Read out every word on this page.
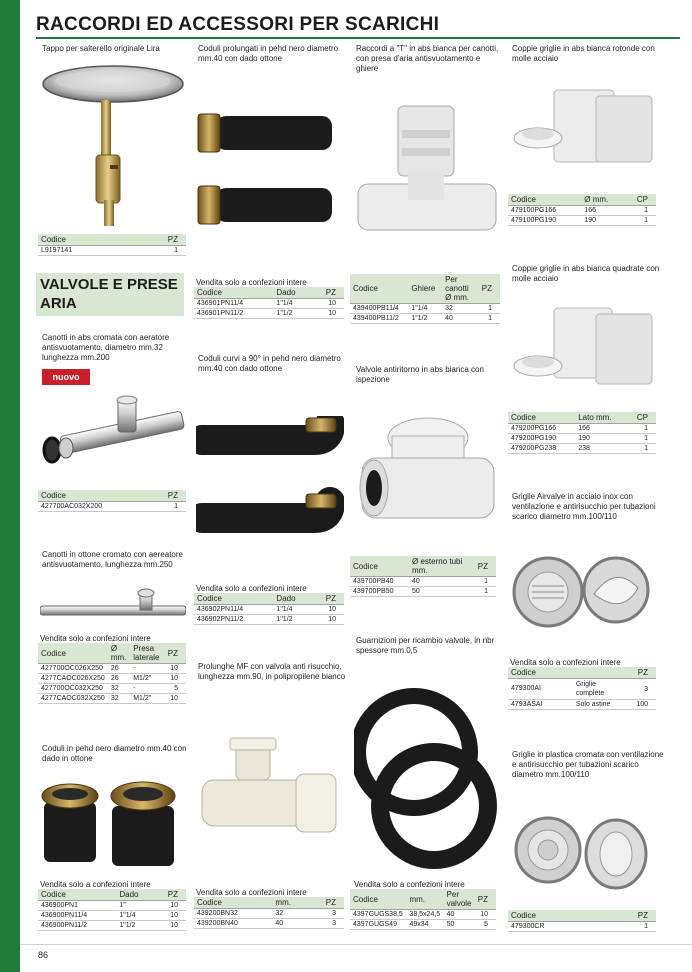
RACCORDI ED ACCESSORI PER SCARICHI
Tappo per salterello originale Lira
Codice	PZ
L9197141	1
VALVOLE E PRESE ARIA
Canotti in abs cromata con aeratore antisvuotamento, diametro mm.32 lunghezza mm.200
nuovo
Codice	PZ
427700AC032X200	1
Canotti in ottone cromato con aereatore antisvuotamento, lunghezza mm.250
Vendita solo a confezioni intere
Codice	Ø mm.	Presa laterale	PZ
427700OC026X250	26	-	10
4277CAOC026X250	26	M1/2"	10
427700OC032X250	32	-	5
4277CAOC032X250	32	M1/2"	10
Coduli in pehd nero diametro mm.40 con dado in ottone
Vendita solo a confezioni intere
Codice	Dado	PZ
436900PN1	1"	10
436900PN11/4	1"1/4	10
436900PN11/2	1"1/2	10
Coduli prolungati in pehd nero diametro mm.40 con dado ottone
Vendita solo a confezioni intere
Codice	Dado	PZ
436901PN11/4	1"1/4	10
436901PN11/2	1"1/2	10
Coduli curvi a 90° in pehd nero diametro mm.40 con dado ottone
Vendita solo a confezioni intere
Codice	Dado	PZ
436902PN11/4	1"1/4	10
436902PN11/2	1"1/2	10
Prolunghe MF con valvola anti risucchio, lunghezza mm.90, in polipropilene bianco
Vendita solo a confezioni intere
Codice	mm.	PZ
439200BN32	32	3
439200BN40	40	3
Raccordi a "T" in abs bianca per canotti, con presa d'aria antisvuotamento e ghiere
Codice	Ghiere	Per canotti Ø mm.	PZ
439400PB11/4	1"1/4	32	1
439400PB11/2	1"1/2	40	1
Valvole antiritorno in abs bianca con ispezione
Codice	Ø esterno tubi mm.	PZ
439700PB40	40	1
439700PB50	50	1
Guarnizioni per ricambio valvole, in nbr spessore mm.0,5
Vendita solo a confezioni intere
Codice	mm.	Per valvole	PZ
4397GUGS38,5	38,5x24,5	40	10
4397GUGS49	49x34	50	5
Coppie griglie in abs bianca rotonde con molle acciaio
Codice	Ø mm.	CP
479100PG166	166	1
479100PG190	190	1
Coppie griglie in abs bianca quadrate con molle acciaio
Codice	Lato mm.	CP
479200PG166	166	1
479200PG190	190	1
479200PG238	238	1
Griglie Airvalve in acciaio inox con ventilazione e antirisucchio per tubazioni scarico diametro mm.100/110
Vendita solo a confezioni intere
Codice		PZ
479300AI	Griglie complete	3
4793ASAI	Solo astine	100
Griglie in plastica cromata con ventilazione e antirisucchio per tubazioni scarico diametro mm.100/110
Codice	PZ
479300CR	1
86
